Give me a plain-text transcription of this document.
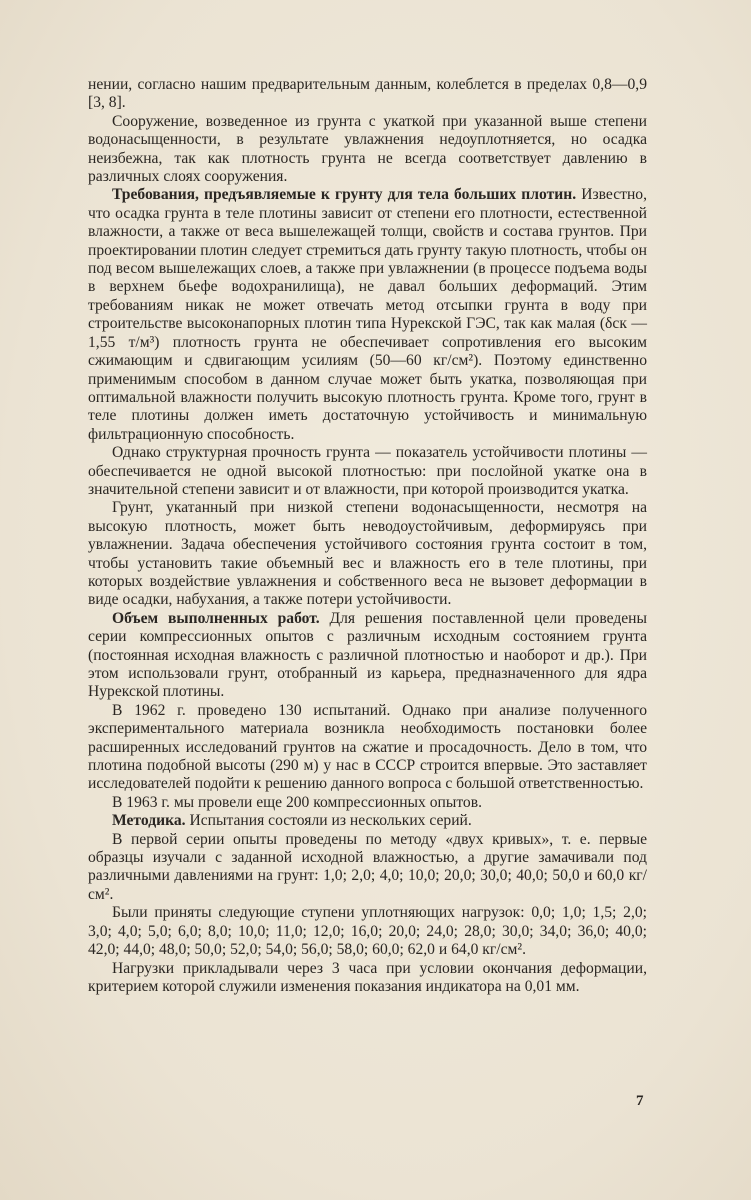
нении, согласно нашим предварительным данным, колеблется в пределах 0,8—0,9 [3, 8].

Сооружение, возведенное из грунта с укаткой при указанной выше степени водонасыщенности, в результате увлажнения недоуплотняется, но осадка неизбежна, так как плотность грунта не всегда соответствует давлению в различных слоях сооружения.

Требования, предъявляемые к грунту для тела больших плотин. Известно, что осадка грунта в теле плотины зависит от степени его плотности, естественной влажности, а также от веса вышележащей толщи, свойств и состава грунтов. При проектировании плотин следует стремиться дать грунту такую плотность, чтобы он под весом вышележащих слоев, а также при увлажнении (в процессе подъема воды в верхнем бьефе водохранилища), не давал больших деформаций. Этим требованиям никак не может отвечать метод отсыпки грунта в воду при строительстве высоконапорных плотин типа Нурекской ГЭС, так как малая (δск — 1,55 т/м³) плотность грунта не обеспечивает сопротивления его высоким сжимающим и сдвигающим усилиям (50—60 кг/см²). Поэтому единственно применимым способом в данном случае может быть укатка, позволяющая при оптимальной влажности получить высокую плотность грунта. Кроме того, грунт в теле плотины должен иметь достаточную устойчивость и минимальную фильтрационную способность.

Однако структурная прочность грунта — показатель устойчивости плотины — обеспечивается не одной высокой плотностью: при послойной укатке она в значительной степени зависит и от влажности, при которой производится укатка.

Грунт, укатанный при низкой степени водонасыщенности, несмотря на высокую плотность, может быть неводоустойчивым, деформируясь при увлажнении. Задача обеспечения устойчивого состояния грунта состоит в том, чтобы установить такие объемный вес и влажность его в теле плотины, при которых воздействие увлажнения и собственного веса не вызовет деформации в виде осадки, набухания, а также потери устойчивости.

Объем выполненных работ. Для решения поставленной цели проведены серии компрессионных опытов с различным исходным состоянием грунта (постоянная исходная влажность с различной плотностью и наоборот и др.). При этом использовали грунт, отобранный из карьера, предназначенного для ядра Нурекской плотины.

В 1962 г. проведено 130 испытаний. Однако при анализе полученного экспериментального материала возникла необходимость постановки более расширенных исследований грунтов на сжатие и просадочность. Дело в том, что плотина подобной высоты (290 м) у нас в СССР строится впервые. Это заставляет исследователей подойти к решению данного вопроса с большой ответственностью.

В 1963 г. мы провели еще 200 компрессионных опытов.

Методика. Испытания состояли из нескольких серий.

В первой серии опыты проведены по методу «двух кривых», т. е. первые образцы изучали с заданной исходной влажностью, а другие замачивали под различными давлениями на грунт: 1,0; 2,0; 4,0; 10,0; 20,0; 30,0; 40,0; 50,0 и 60,0 кг/см².

Были приняты следующие ступени уплотняющих нагрузок: 0,0; 1,0; 1,5; 2,0; 3,0; 4,0; 5,0; 6,0; 8,0; 10,0; 11,0; 12,0; 16,0; 20,0; 24,0; 28,0; 30,0; 34,0; 36,0; 40,0; 42,0; 44,0; 48,0; 50,0; 52,0; 54,0; 56,0; 58,0; 60,0; 62,0 и 64,0 кг/см².

Нагрузки прикладывали через 3 часа при условии окончания деформации, критерием которой служили изменения показания индикатора на 0,01 мм.

7
